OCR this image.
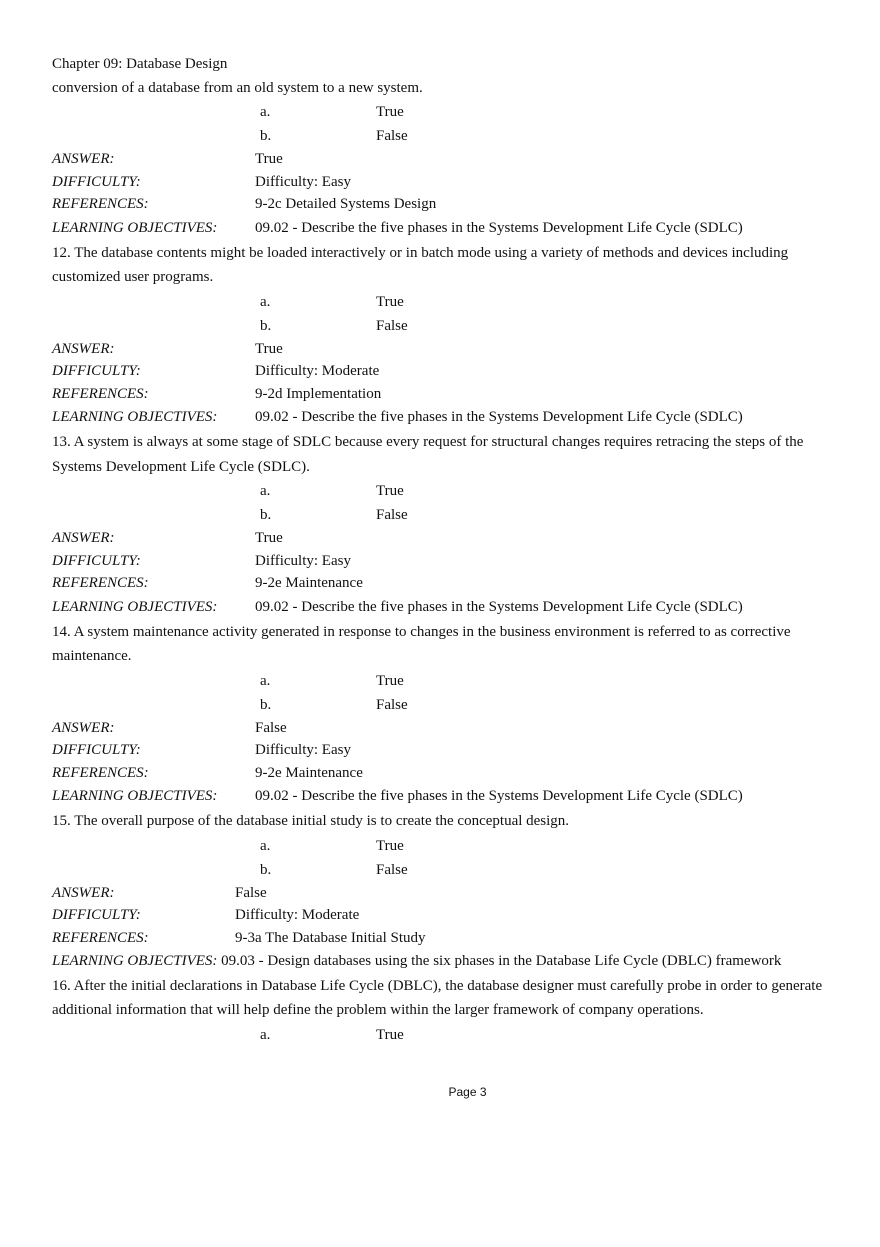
Chapter 09: Database Design
conversion of a database from an old system to a new system.
a.	True
b.	False
ANSWER:	True
DIFFICULTY:	Difficulty: Easy
REFERENCES:	9-2c Detailed Systems Design
LEARNING OBJECTIVES:	09.02 - Describe the five phases in the Systems Development Life Cycle (SDLC)

12. The database contents might be loaded interactively or in batch mode using a variety of methods and devices including customized user programs.

a.	True
b.	False
ANSWER:	True
DIFFICULTY:	Difficulty: Moderate
REFERENCES:	9-2d Implementation
LEARNING OBJECTIVES:	09.02 - Describe the five phases in the Systems Development Life Cycle (SDLC)

13. A system is always at some stage of SDLC because every request for structural changes requires retracing the steps of the Systems Development Life Cycle (SDLC).

a.	True
b.	False
ANSWER:	True
DIFFICULTY:	Difficulty: Easy
REFERENCES:	9-2e Maintenance
LEARNING OBJECTIVES:	09.02 - Describe the five phases in the Systems Development Life Cycle (SDLC)

14. A system maintenance activity generated in response to changes in the business environment is referred to as corrective maintenance.

a.	True
b.	False
ANSWER:	False
DIFFICULTY:	Difficulty: Easy
REFERENCES:	9-2e Maintenance
LEARNING OBJECTIVES:	09.02 - Describe the five phases in the Systems Development Life Cycle (SDLC)

15. The overall purpose of the database initial study is to create the conceptual design.

a.	True
b.	False
ANSWER:	False
DIFFICULTY:	Difficulty: Moderate
REFERENCES:	9-3a The Database Initial Study
LEARNING OBJECTIVES: 09.03 - Design databases using the six phases in the Database Life Cycle (DBLC) framework

16. After the initial declarations in Database Life Cycle (DBLC), the database designer must carefully probe in order to generate additional information that will help define the problem within the larger framework of company operations.

a.	True
Page 3
